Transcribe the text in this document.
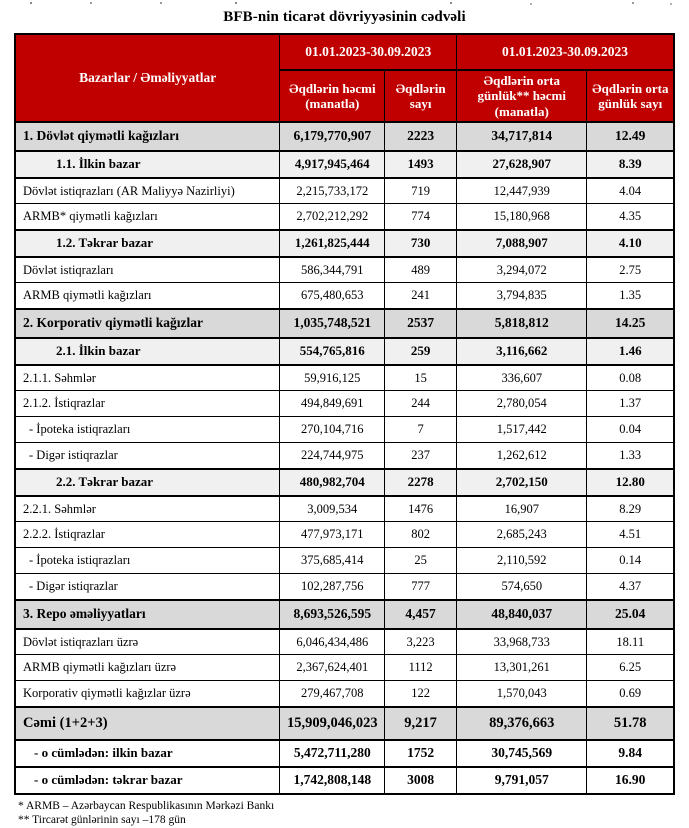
BFB-nin ticarət dövriyyəsinin cədvəli
Bazarlar / Əməliyyatlar	01.01.2023-30.09.2023		01.01.2023-30.09.2023	
	Əqdlərin həcmi (manatla)	Əqdlərin sayı	Əqdlərin orta günlük** həcmi (manatla)	Əqdlərin orta günlük sayı
1. Dövlət qiymətli kağızları	6,179,770,907	2223	34,717,814	12.49
1.1. İlkin bazar	4,917,945,464	1493	27,628,907	8.39
Dövlət istiqrazları (AR Maliyyə Nazirliyi)	2,215,733,172	719	12,447,939	4.04
ARMB* qiymətli kağızları	2,702,212,292	774	15,180,968	4.35
1.2. Təkrar bazar	1,261,825,444	730	7,088,907	4.10
Dövlət istiqrazları	586,344,791	489	3,294,072	2.75
ARMB qiymətli kağızları	675,480,653	241	3,794,835	1.35
2. Korporativ qiymətli kağızlar	1,035,748,521	2537	5,818,812	14.25
2.1. İlkin bazar	554,765,816	259	3,116,662	1.46
2.1.1. Səhmlər	59,916,125	15	336,607	0.08
2.1.2. İstiqrazlar	494,849,691	244	2,780,054	1.37
- İpoteka istiqrazları	270,104,716	7	1,517,442	0.04
- Digər istiqrazlar	224,744,975	237	1,262,612	1.33
2.2. Təkrar bazar	480,982,704	2278	2,702,150	12.80
2.2.1. Səhmlər	3,009,534	1476	16,907	8.29
2.2.2. İstiqrazlar	477,973,171	802	2,685,243	4.51
- İpoteka istiqrazları	375,685,414	25	2,110,592	0.14
- Digər istiqrazlar	102,287,756	777	574,650	4.37
3. Repo əməliyyatları	8,693,526,595	4,457	48,840,037	25.04
Dövlət istiqrazları üzrə	6,046,434,486	3,223	33,968,733	18.11
ARMB qiymətli kağızları üzrə	2,367,624,401	1112	13,301,261	6.25
Korporativ qiymətli kağızlar üzrə	279,467,708	122	1,570,043	0.69
Cəmi (1+2+3)	15,909,046,023	9,217	89,376,663	51.78
- o cümlədən: ilkin bazar	5,472,711,280	1752	30,745,569	9.84
- o cümlədən: təkrar bazar	1,742,808,148	3008	9,791,057	16.90
* ARMB – Azərbaycan Respublikasının Mərkəzi Bankı
** Tircarət günlərinin sayı –178 gün
